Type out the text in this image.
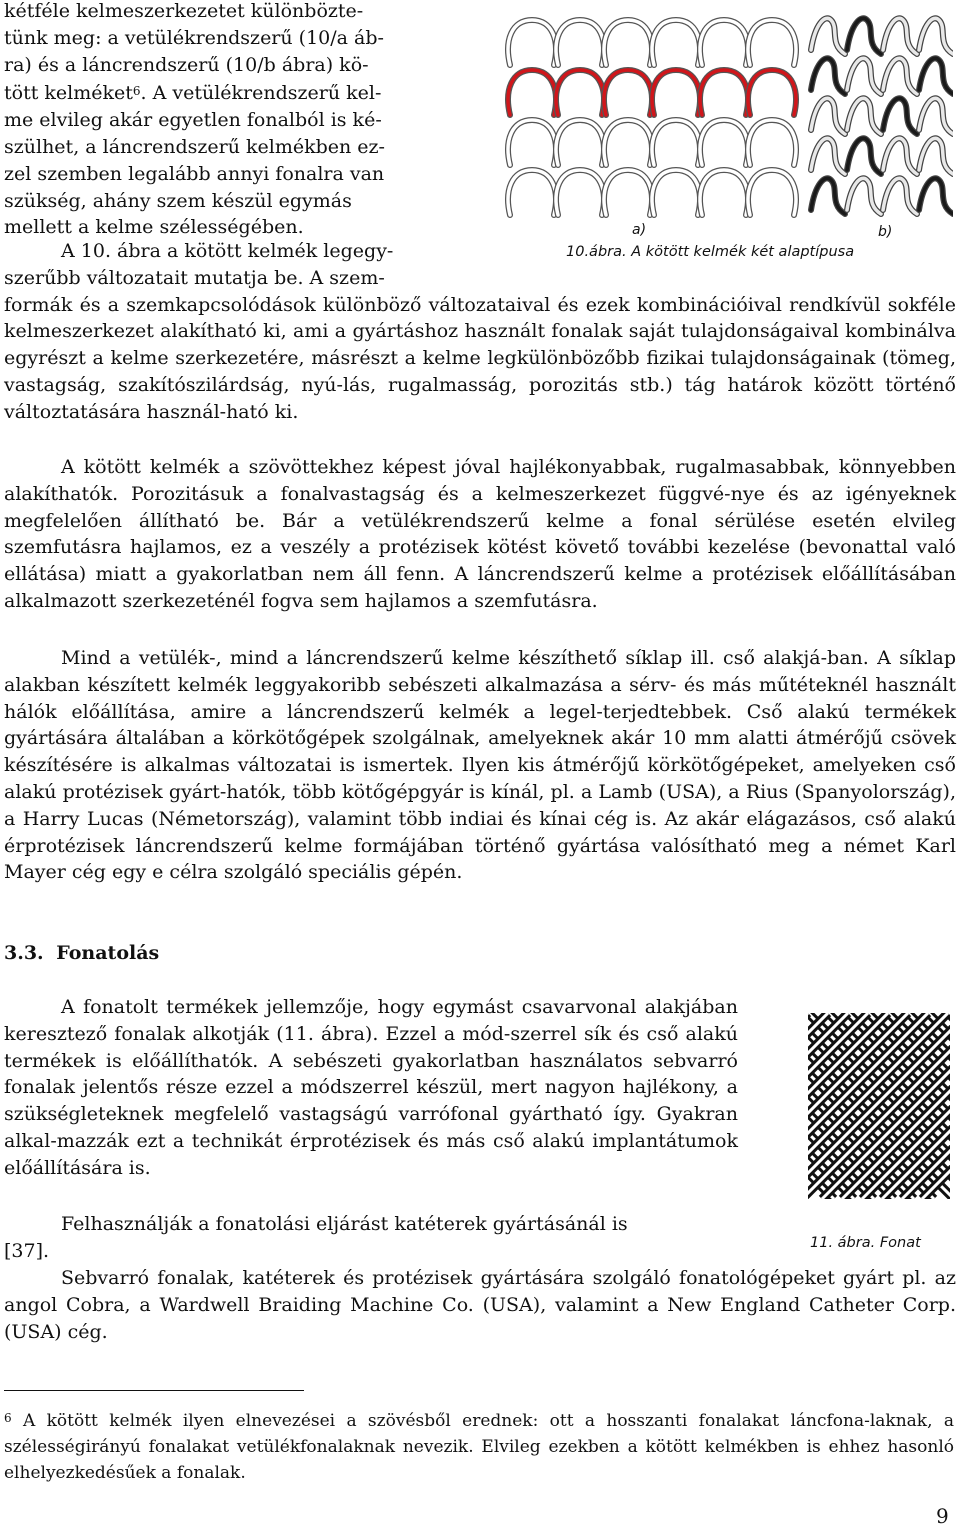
kétféle kelmeszerkezetet különbözte-

tünk meg: a vetülékrendszerű (10/a áb-

ra) és a láncrendszerű (10/b ábra) kö-

tött kelméket$^6$. A vetülékrendszerű kel-

me elvileg akár egyetlen fonalból is ké-

szülhet, a láncrendszerű kelmékben ez-

zel szemben legalább annyi fonalra van

szükség, ahány szem készül egymás

mellett a kelme szélességében.

A 10. ábra a kötött kelmék legegy-

szerűbb változatait mutatja be. A szem-

formák és a szemkapcsolódások különböző változataival és ezek kombinációival rendkívül sokféle kelmeszerkezet alakítható ki, ami a gyártáshoz használt fonalak saját tulajdonságaival kombinálva egyrészt a kelme szerkezetére, másrészt a kelme legkülönbözőbb fizikai tulajdonságainak (tömeg, vastagság, szakítószilárdság, nyú-lás, rugalmasság, porozitás stb.) tág határok között történő változtatására használ-ható ki.

A kötött kelmék a szövöttekhez képest jóval hajlékonyabbak, rugalmasabbak, könnyebben alakíthatók. Porozitásuk a fonalvastagság és a kelmeszerkezet függvé-nye és az igényeknek megfelelően állítható be. Bár a vetülékrendszerű kelme a fonal sérülése esetén elvileg szemfutásra hajlamos, ez a veszély a protézisek kötést követő további kezelése (bevonattal való ellátása) miatt a gyakorlatban nem áll fenn. A láncrendszerű kelme a protézisek előállításában alkalmazott szerkezeténél fogva sem hajlamos a szemfutásra.

Mind a vetülék-, mind a láncrendszerű kelme készíthető síklap ill. cső alakjá-ban. A síklap alakban készített kelmék leggyakoribb sebészeti alkalmazása a sérv- és más műtéteknél használt hálók előállítása, amire a láncrendszerű kelmék a legel-terjedtebbek. Cső alakú termékek gyártására általában a körkötőgépek szolgálnak, amelyeknek akár 10 mm alatti átmérőjű csövek készítésére is alkalmas változatai is ismertek. Ilyen kis átmérőjű körkötőgépeket, amelyeken cső alakú protézisek gyárt-hatók, több kötőgépgyár is kínál, pl. a Lamb (USA), a Rius (Spanyolország), a Harry Lucas (Németország), valamint több indiai és kínai cég is. Az akár elágazásos, cső alakú érprotézisek láncrendszerű kelme formájában történő gyártása valósítható meg a német Karl Mayer cég egy e célra szolgáló speciális gépén.

3.3. Fonatolás

A fonatolt termékek jellemzője, hogy egymást csavarvonal alakjában keresztező fonalak alkotják (11. ábra). Ezzel a mód-szerrel sík és cső alakú termékek is előállíthatók. A sebészeti gyakorlatban használatos sebvarró fonalak jelentős része ezzel a módszerrel készül, mert nagyon hajlékony, a szükségleteknek megfelelő vastagságú varrófonal gyártható így. Gyakran alkal-mazzák ezt a technikát érprotézisek és más cső alakú implantátumok előállítására is.

Felhasználják a fonatolási eljárást katéterek gyártásánál is

[37].

Sebvarró fonalak, katéterek és protézisek gyártására szolgáló fonatológépeket gyárt pl. az angol Cobra, a Wardwell Braiding Machine Co. (USA), valamint a New England Catheter Corp. (USA) cég.

a)	b)
10.ábra. A kötött kelmék két alaptípusa
11. ábra. Fonat
$^6$ A kötött kelmék ilyen elnevezései a szövésből erednek: ott a hosszanti fonalakat láncfona-laknak, a szélességirányú fonalakat vetülékfonalaknak nevezik. Elvileg ezekben a kötött kelmékben is ehhez hasonló elhelyezkedésűek a fonalak.
9
